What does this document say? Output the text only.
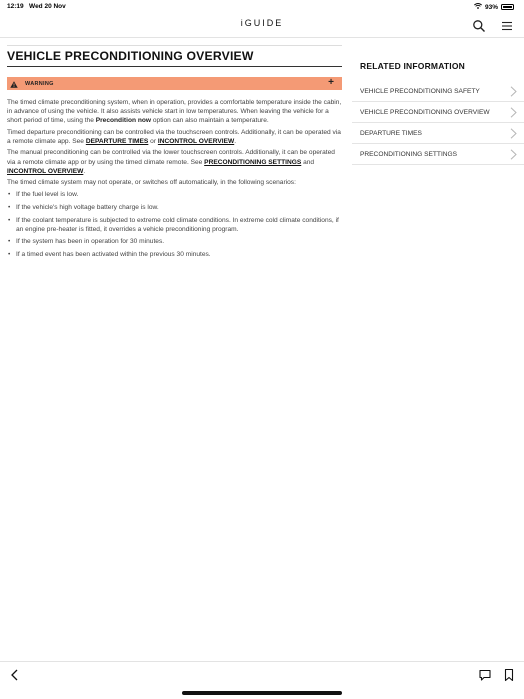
12:19 Wed 20 Nov	93%
iGUIDE
VEHICLE PRECONDITIONING OVERVIEW
WARNING	+

The timed climate preconditioning system, when in operation, provides a comfortable temperature inside the cabin, in advance of using the vehicle. It also assists vehicle start in low temperatures. When leaving the vehicle for a short period of time, using the Precondition now option can also maintain a temperature.

Timed departure preconditioning can be controlled via the touchscreen controls. Additionally, it can be operated via a remote climate app. See DEPARTURE TIMES or INCONTROL OVERVIEW.

The manual preconditioning can be controlled via the lower touchscreen controls. Additionally, it can be operated via a remote climate app or by using the timed climate remote. See PRECONDITIONING SETTINGS and INCONTROL OVERVIEW.

The timed climate system may not operate, or switches off automatically, in the following scenarios:

• If the fuel level is low.
• If the vehicle's high voltage battery charge is low.
• If the coolant temperature is subjected to extreme cold climate conditions. In extreme cold climate conditions, if an engine pre-heater is fitted, it overrides a vehicle preconditioning program.
• If the system has been in operation for 30 minutes.
• If a timed event has been activated within the previous 30 minutes.
RELATED INFORMATION
VEHICLE PRECONDITIONING SAFETY
VEHICLE PRECONDITIONING OVERVIEW
DEPARTURE TIMES
PRECONDITIONING SETTINGS
